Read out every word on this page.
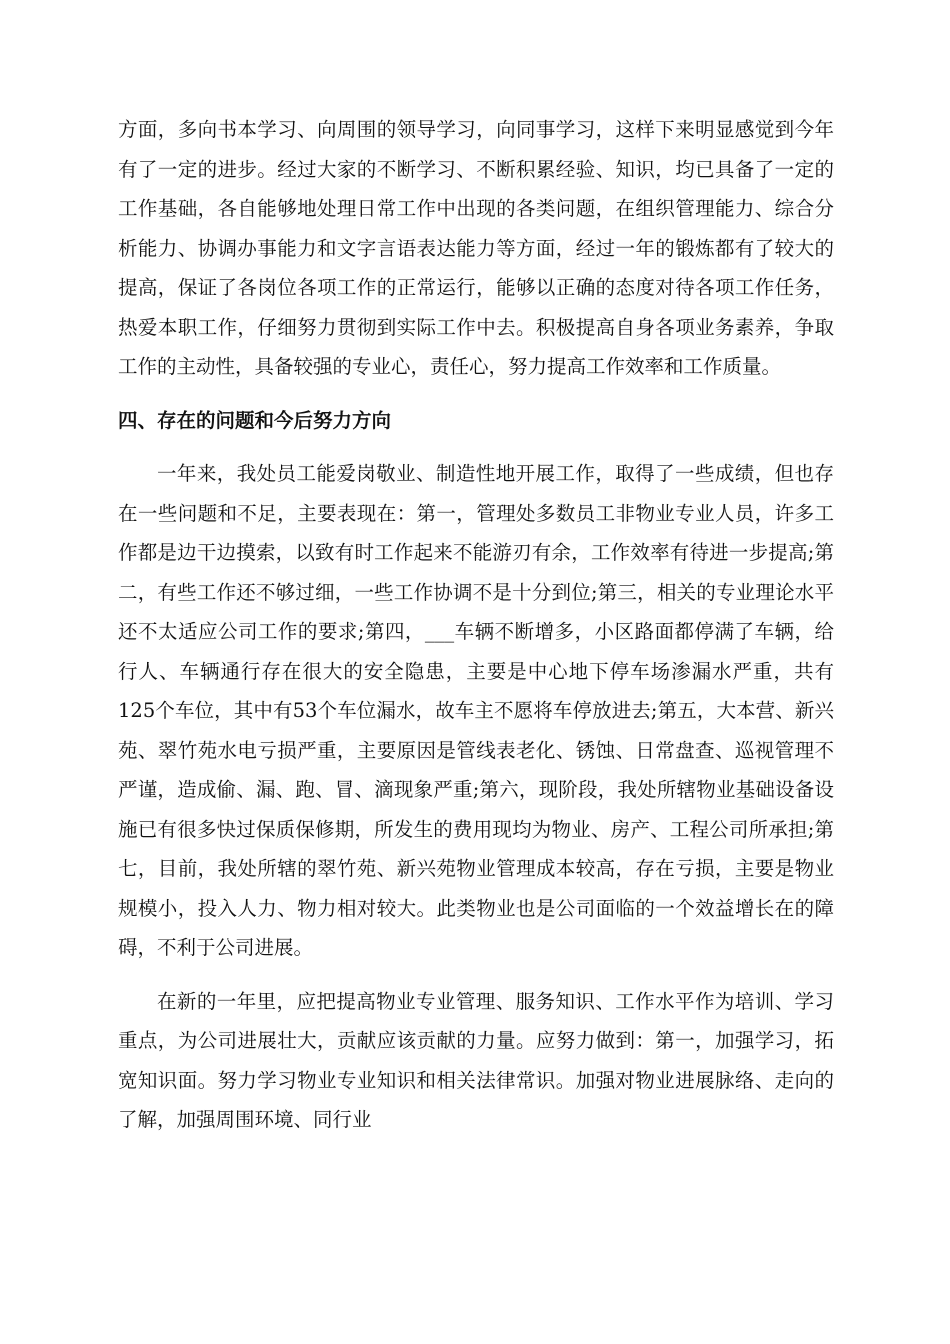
方面，多向书本学习、向周围的领导学习，向同事学习，这样下来明显感觉到今年有了一定的进步。经过大家的不断学习、不断积累经验、知识，均已具备了一定的工作基础，各自能够地处理日常工作中出现的各类问题，在组织管理能力、综合分析能力、协调办事能力和文字言语表达能力等方面，经过一年的锻炼都有了较大的提高，保证了各岗位各项工作的正常运行，能够以正确的态度对待各项工作任务，热爱本职工作，仔细努力贯彻到实际工作中去。积极提高自身各项业务素养，争取工作的主动性，具备较强的专业心，责任心，努力提高工作效率和工作质量。

四、存在的问题和今后努力方向

一年来，我处员工能爱岗敬业、制造性地开展工作，取得了一些成绩，但也存在一些问题和不足，主要表现在：第一，管理处多数员工非物业专业人员，许多工作都是边干边摸索，以致有时工作起来不能游刃有余，工作效率有待进一步提高;第二，有些工作还不够过细，一些工作协调不是十分到位;第三，相关的专业理论水平还不太适应公司工作的要求;第四，___车辆不断增多，小区路面都停满了车辆，给行人、车辆通行存在很大的安全隐患，主要是中心地下停车场渗漏水严重，共有125个车位，其中有53个车位漏水，故车主不愿将车停放进去;第五，大本营、新兴苑、翠竹苑水电亏损严重，主要原因是管线表老化、锈蚀、日常盘查、巡视管理不严谨，造成偷、漏、跑、冒、滴现象严重;第六，现阶段，我处所辖物业基础设备设施已有很多快过保质保修期，所发生的费用现均为物业、房产、工程公司所承担;第七，目前，我处所辖的翠竹苑、新兴苑物业管理成本较高，存在亏损，主要是物业规模小，投入人力、物力相对较大。此类物业也是公司面临的一个效益增长在的障碍，不利于公司进展。

在新的一年里，应把提高物业专业管理、服务知识、工作水平作为培训、学习重点，为公司进展壮大，贡献应该贡献的力量。应努力做到：第一，加强学习，拓宽知识面。努力学习物业专业知识和相关法律常识。加强对物业进展脉络、走向的了解，加强周围环境、同行业
